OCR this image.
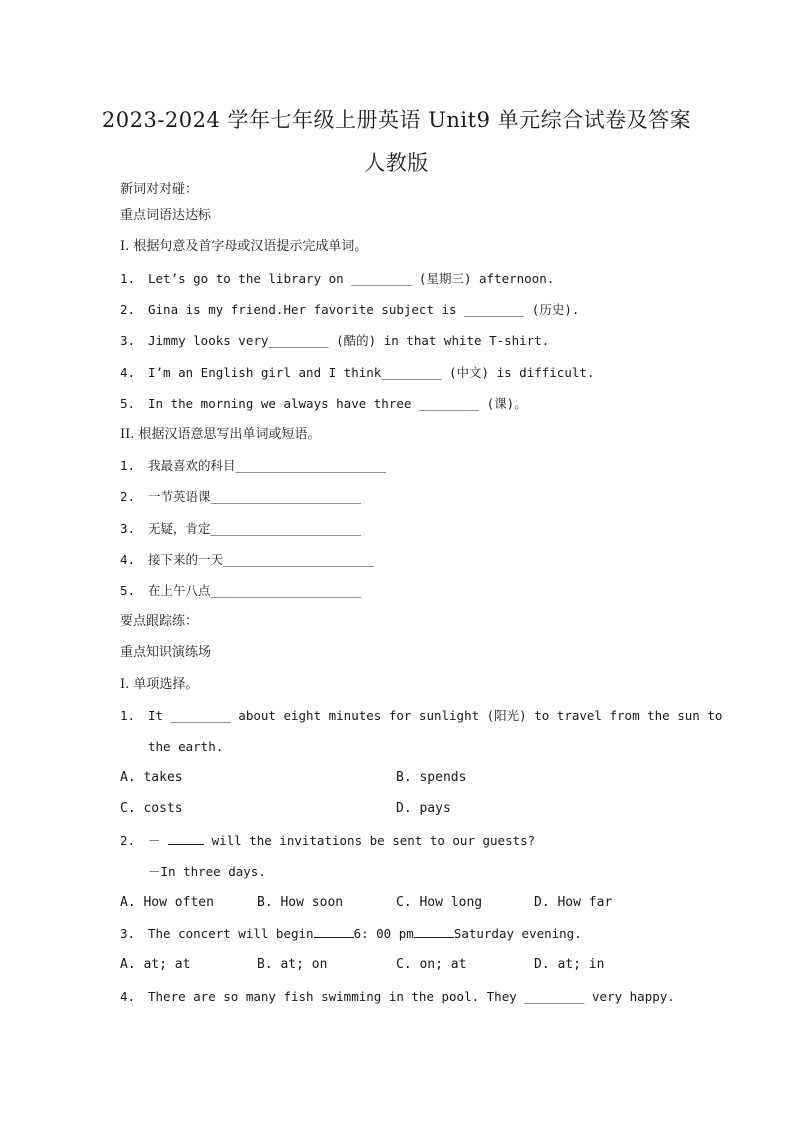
2023-2024 学年七年级上册英语 Unit9 单元综合试卷及答案
人教版
新词对对碰：
重点词语达达标
I. 根据句意及首字母或汉语提示完成单词。
1. Let’s go to the library on ________ (星期三) afternoon.
2. Gina is my friend.Her favorite subject is ________ (历史).
3. Jimmy looks very________ (酷的) in that white T-shirt.
4. I’m an English girl and I think________ (中文) is difficult.
5. In the morning we always have three ________ (课)。
II. 根据汉语意思写出单词或短语。
1. 我最喜欢的科目____________________
2. 一节英语课____________________
3. 无疑，肯定____________________
4. 接下来的一天____________________
5. 在上午八点____________________
要点跟踪练：
重点知识演练场
I. 单项选择。
1. It ________ about eight minutes for sunlight (阳光) to travel from the sun to
the earth.
A. takes	B. spends
C. costs	D. pays
2. －	will the invitations be sent to our guests?
－In three days.
A. How often	B. How soon	C. How long	D. How far
3. The concert will begin	6: 00 pm	Saturday evening.
A. at; at	B. at; on	C. on; at	D. at; in
4. There are so many fish swimming in the pool. They ________ very happy.
